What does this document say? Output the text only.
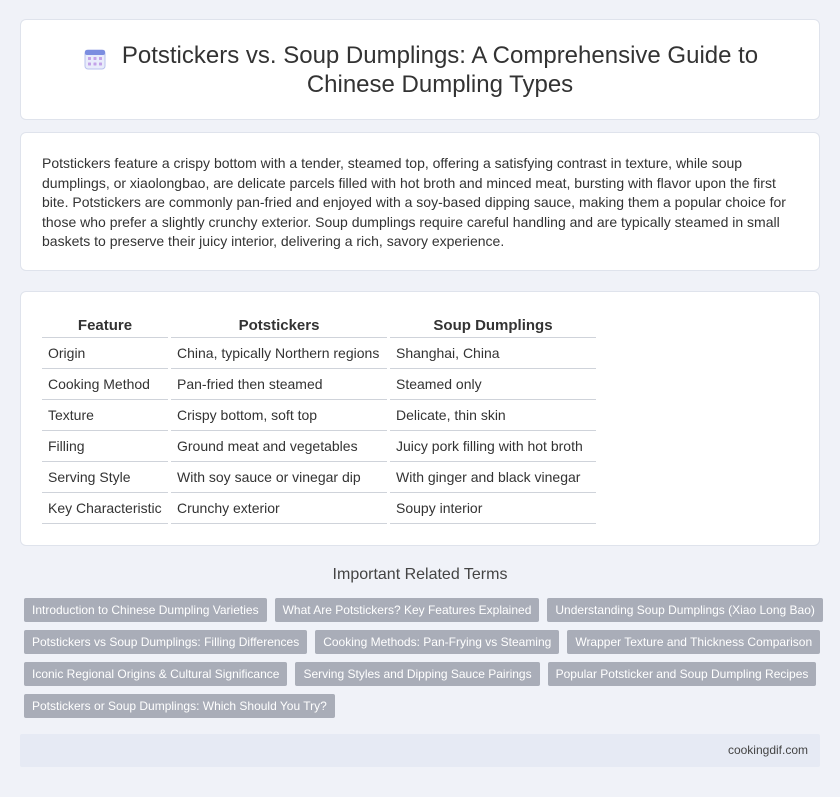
Potstickers vs. Soup Dumplings: A Comprehensive Guide to Chinese Dumpling Types

Potstickers feature a crispy bottom with a tender, steamed top, offering a satisfying contrast in texture, while soup dumplings, or xiaolongbao, are delicate parcels filled with hot broth and minced meat, bursting with flavor upon the first bite. Potstickers are commonly pan-fried and enjoyed with a soy-based dipping sauce, making them a popular choice for those who prefer a slightly crunchy exterior. Soup dumplings require careful handling and are typically steamed in small baskets to preserve their juicy interior, delivering a rich, savory experience.

Feature		Potstickers		Soup Dumplings
Origin		China, typically Northern regions		Shanghai, China
Cooking Method		Pan-fried then steamed		Steamed only
Texture		Crispy bottom, soft top		Delicate, thin skin
Filling		Ground meat and vegetables		Juicy pork filling with hot broth
Serving Style		With soy sauce or vinegar dip		With ginger and black vinegar
Key Characteristic		Crunchy exterior		Soupy interior
Important Related Terms
Introduction to Chinese Dumpling Varieties	What Are Potstickers? Key Features Explained	Understanding Soup Dumplings (Xiao Long Bao)
Potstickers vs Soup Dumplings: Filling Differences	Cooking Methods: Pan-Frying vs Steaming	Wrapper Texture and Thickness Comparison
Iconic Regional Origins & Cultural Significance	Serving Styles and Dipping Sauce Pairings	Popular Potsticker and Soup Dumpling Recipes
Potstickers or Soup Dumplings: Which Should You Try?
cookingdif.com
